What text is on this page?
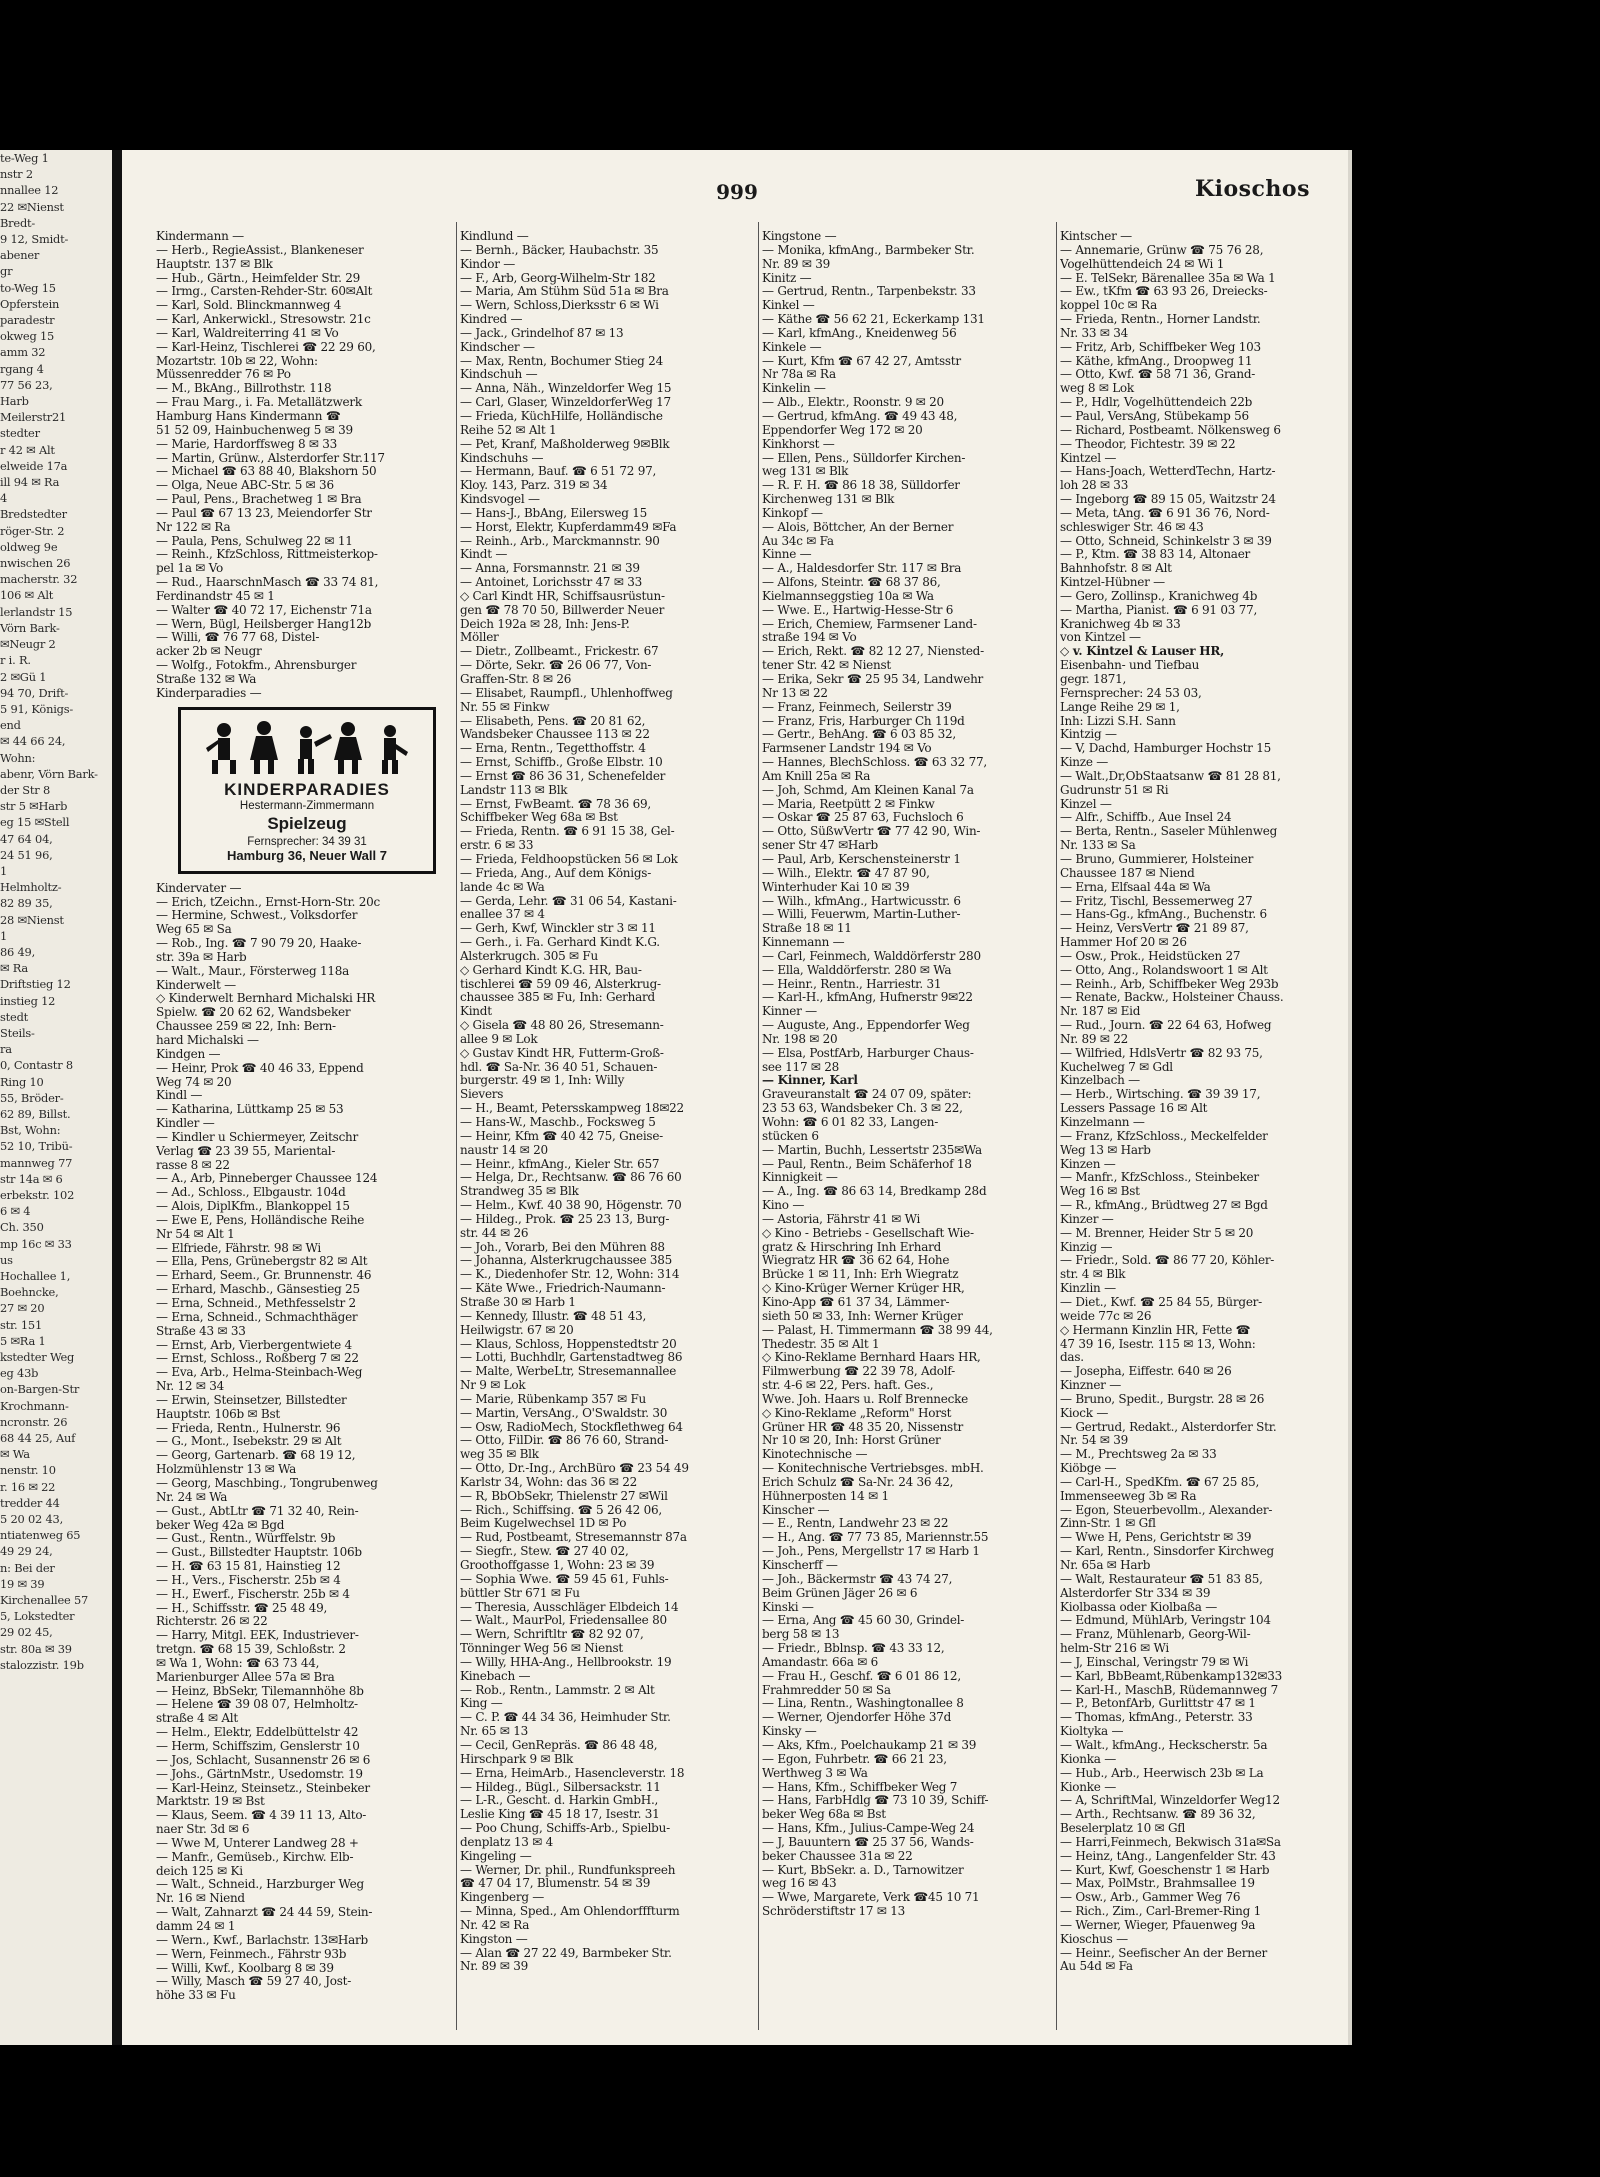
te-Weg 1
nstr 2
nnallee 12
22 ✉Nienst
Bredt-
9 12, Smidt-
abener
gr
to-Weg 15
Opferstein
paradestr
okweg 15
amm 32
rgang 4
77 56 23,
Harb
Meilerstr21
stedter
r 42 ✉ Alt
elweide 17a
ill 94 ✉ Ra
4
Bredstedter
röger-Str. 2
oldweg 9e
nwischen 26
macherstr. 32
106 ✉ Alt
lerlandstr 15
Vörn Bark-
✉Neugr 2
r i. R.
2 ✉Gü 1
94 70, Drift-
5 91, Königs-
end
✉ 44 66 24,
Wohn:
abenr, Vörn Bark-
der Str 8
str 5 ✉Harb
eg 15 ✉Stell
47 64 04,
24 51 96,
1
Helmholtz-
82 89 35,
28 ✉Nienst
1
86 49,
✉ Ra
Driftstieg 12
instieg 12
stedt
Steils-
ra
0, Contastr 8
Ring 10
55, Bröder-
62 89, Billst.
Bst, Wohn:
52 10, Tribü-
mannweg 77
str 14a ✉ 6
erbekstr. 102
6 ✉ 4
Ch. 350
mp 16c ✉ 33
us
Hochallee 1,
Boehncke,
27 ✉ 20
str. 151
5 ✉Ra 1
kstedter Weg
eg 43b
on-Bargen-Str
Krochmann-
ncronstr. 26
68 44 25, Auf
✉ Wa
nenstr. 10
r. 16 ✉ 22
tredder 44
5 20 02 43,
ntiatenweg 65
49 29 24,
n: Bei der
19 ✉ 39
Kirchenallee 57
5, Lokstedter
29 02 45,
str. 80a ✉ 39
stalozzistr. 19b
999	Kioschos
Kindermann —
— Herb., RegieAssist., Blankeneser
Hauptstr. 137 ✉ Blk
— Hub., Gärtn., Heimfelder Str. 29
— Irmg., Carsten-Rehder-Str. 60✉Alt
— Karl, Sold. Blinckmannweg 4
— Karl, Ankerwickl., Stresowstr. 21c
— Karl, Waldreiterring 41 ✉ Vo
— Karl-Heinz, Tischlerei ☎ 22 29 60,
Mozartstr. 10b ✉ 22, Wohn:
Müssenredder 76 ✉ Po
— M., BkAng., Billrothstr. 118
— Frau Marg., i. Fa. Metallätzwerk
Hamburg Hans Kindermann ☎
51 52 09, Hainbuchenweg 5 ✉ 39
— Marie, Hardorffsweg 8 ✉ 33
— Martin, Grünw., Alsterdorfer Str.117
— Michael ☎ 63 88 40, Blakshorn 50
— Olga, Neue ABC-Str. 5 ✉ 36
— Paul, Pens., Brachetweg 1 ✉ Bra
— Paul ☎ 67 13 23, Meiendorfer Str
Nr 122 ✉ Ra
— Paula, Pens, Schulweg 22 ✉ 11
— Reinh., KfzSchloss, Rittmeisterkop-
pel 1a ✉ Vo
— Rud., HaarschnMasch ☎ 33 74 81,
Ferdinandstr 45 ✉ 1
— Walter ☎ 40 72 17, Eichenstr 71a
— Wern, Bügl, Heilsberger Hang12b
— Willi, ☎ 76 77 68, Distel-
acker 2b ✉ Neugr
— Wolfg., Fotokfm., Ahrensburger
Straße 132 ✉ Wa
Kinderparadies —
KINDERPARADIES
Hestermann-Zimmermann
Spielzeug
Fernsprecher: 34 39 31
Hamburg 36, Neuer Wall 7
Kindervater —
— Erich, tZeichn., Ernst-Horn-Str. 20c
— Hermine, Schwest., Volksdorfer
Weg 65 ✉ Sa
— Rob., Ing. ☎ 7 90 79 20, Haake-
str. 39a ✉ Harb
— Walt., Maur., Försterweg 118a
Kinderwelt —
◇ Kinderwelt Bernhard Michalski HR
Spielw. ☎ 20 62 62, Wandsbeker
Chaussee 259 ✉ 22, Inh: Bern-
hard Michalski —
Kindgen —
— Heinr, Prok ☎ 40 46 33, Eppend
Weg 74 ✉ 20
Kindl —
— Katharina, Lüttkamp 25 ✉ 53
Kindler —
— Kindler u Schiermeyer, Zeitschr
Verlag ☎ 23 39 55, Mariental-
rasse 8 ✉ 22
— A., Arb, Pinneberger Chaussee 124
— Ad., Schloss., Elbgaustr. 104d
— Alois, DiplKfm., Blankoppel 15
— Ewe E, Pens, Holländische Reihe
Nr 54 ✉ Alt 1
— Elfriede, Fährstr. 98 ✉ Wi
— Ella, Pens, Grünebergstr 82 ✉ Alt
— Erhard, Seem., Gr. Brunnenstr. 46
— Erhard, Maschb., Gänsestieg 25
— Erna, Schneid., Methfesselstr 2
— Erna, Schneid., Schmachthäger
Straße 43 ✉ 33
— Ernst, Arb, Vierbergentwiete 4
— Ernst, Schloss., Roßberg 7 ✉ 22
— Eva, Arb., Helma-Steinbach-Weg
Nr. 12 ✉ 34
— Erwin, Steinsetzer, Billstedter
Hauptstr. 106b ✉ Bst
— Frieda, Rentn., Hulnerstr. 96
— G., Mont., Isebekstr. 29 ✉ Alt
— Georg, Gartenarb. ☎ 68 19 12,
Holzmühlenstr 13 ✉ Wa
— Georg, Maschbing., Tongrubenweg
Nr. 24 ✉ Wa
— Gust., AbtLtr ☎ 71 32 40, Rein-
beker Weg 42a ✉ Bgd
— Gust., Rentn., Würffelstr. 9b
— Gust., Billstedter Hauptstr. 106b
— H. ☎ 63 15 81, Hainstieg 12
— H., Vers., Fischerstr. 25b ✉ 4
— H., Ewerf., Fischerstr. 25b ✉ 4
— H., Schiffsstr. ☎ 25 48 49,
Richterstr. 26 ✉ 22
— Harry, Mitgl. EEK, Industriever-
tretgn. ☎ 68 15 39, Schloßstr. 2
✉ Wa 1, Wohn: ☎ 63 73 44,
Marienburger Allee 57a ✉ Bra
— Heinz, BbSekr, Tilemannhöhe 8b
— Helene ☎ 39 08 07, Helmholtz-
straße 4 ✉ Alt
— Helm., Elektr, Eddelbüttelstr 42
— Herm, Schiffszim, Genslerstr 10
— Jos, Schlacht, Susannenstr 26 ✉ 6
— Johs., GärtnMstr., Usedomstr. 19
— Karl-Heinz, Steinsetz., Steinbeker
Marktstr. 19 ✉ Bst
— Klaus, Seem. ☎ 4 39 11 13, Alto-
naer Str. 3d ✉ 6
— Wwe M, Unterer Landweg 28 +
— Manfr., Gemüseb., Kirchw. Elb-
deich 125 ✉ Ki
— Walt., Schneid., Harzburger Weg
Nr. 16 ✉ Niend
— Walt, Zahnarzt ☎ 24 44 59, Stein-
damm 24 ✉ 1
— Wern., Kwf., Barlachstr. 13✉Harb
— Wern, Feinmech., Fährstr 93b
— Willi, Kwf., Koolbarg 8 ✉ 39
— Willy, Masch ☎ 59 27 40, Jost-
höhe 33 ✉ Fu
Kindlund —
— Bernh., Bäcker, Haubachstr. 35
Kindor —
— F., Arb, Georg-Wilhelm-Str 182
— Maria, Am Stühm Süd 51a ✉ Bra
— Wern, Schloss,Dierksstr 6 ✉ Wi
Kindred —
— Jack., Grindelhof 87 ✉ 13
Kindscher —
— Max, Rentn, Bochumer Stieg 24
Kindschuh —
— Anna, Näh., Winzeldorfer Weg 15
— Carl, Glaser, WinzeldorferWeg 17
— Frieda, KüchHilfe, Holländische
Reihe 52 ✉ Alt 1
— Pet, Kranf, Maßholderweg 9✉Blk
Kindschuhs —
— Hermann, Bauf. ☎ 6 51 72 97,
Kloy. 143, Parz. 319 ✉ 34
Kindsvogel —
— Hans-J., BbAng, Eilersweg 15
— Horst, Elektr, Kupferdamm49 ✉Fa
— Reinh., Arb., Marckmannstr. 90
Kindt —
— Anna, Forsmannstr. 21 ✉ 39
— Antoinet, Lorichsstr 47 ✉ 33
◇ Carl Kindt HR, Schiffsausrüstun-
gen ☎ 78 70 50, Billwerder Neuer
Deich 192a ✉ 28, Inh: Jens-P.
Möller
— Dietr., Zollbeamt., Frickestr. 67
— Dörte, Sekr. ☎ 26 06 77, Von-
Graffen-Str. 8 ✉ 26
— Elisabet, Raumpfl., Uhlenhoffweg
Nr. 55 ✉ Finkw
— Elisabeth, Pens. ☎ 20 81 62,
Wandsbeker Chaussee 113 ✉ 22
— Erna, Rentn., Tegetthoffstr. 4
— Ernst, Schiffb., Große Elbstr. 10
— Ernst ☎ 86 36 31, Schenefelder
Landstr 113 ✉ Blk
— Ernst, FwBeamt. ☎ 78 36 69,
Schiffbeker Weg 68a ✉ Bst
— Frieda, Rentn. ☎ 6 91 15 38, Gel-
erstr. 6 ✉ 33
— Frieda, Feldhoopstücken 56 ✉ Lok
— Frieda, Ang., Auf dem Königs-
lande 4c ✉ Wa
— Gerda, Lehr. ☎ 31 06 54, Kastani-
enallee 37 ✉ 4
— Gerh, Kwf, Winckler str 3 ✉ 11
— Gerh., i. Fa. Gerhard Kindt K.G.
Alsterkrugch. 305 ✉ Fu
◇ Gerhard Kindt K.G. HR, Bau-
tischlerei ☎ 59 09 46, Alsterkrug-
chaussee 385 ✉ Fu, Inh: Gerhard
Kindt
◇ Gisela ☎ 48 80 26, Stresemann-
allee 9 ✉ Lok
◇ Gustav Kindt HR, Futterm-Groß-
hdl. ☎ Sa-Nr. 36 40 51, Schauen-
burgerstr. 49 ✉ 1, Inh: Willy
Sievers
— H., Beamt, Petersskampweg 18✉22
— Hans-W., Maschb., Focksweg 5
— Heinr, Kfm ☎ 40 42 75, Gneise-
naustr 14 ✉ 20
— Heinr., kfmAng., Kieler Str. 657
— Helga, Dr., Rechtsanw. ☎ 86 76 60
Strandweg 35 ✉ Blk
— Helm., Kwf. 40 38 90, Högenstr. 70
— Hildeg., Prok. ☎ 25 23 13, Burg-
str. 44 ✉ 26
— Joh., Vorarb, Bei den Mühren 88
— Johanna, Alsterkrugchaussee 385
— K., Diedenhofer Str. 12, Wohn: 314
— Käte Wwe., Friedrich-Naumann-
Straße 30 ✉ Harb 1
— Kennedy, Illustr. ☎ 48 51 43,
Heilwigstr. 67 ✉ 20
— Klaus, Schloss, Hoppenstedtstr 20
— Lotti, Buchhdlr, Gartenstadtweg 86
— Malte, WerbeLtr, Stresemannallee
Nr 9 ✉ Lok
— Marie, Rübenkamp 357 ✉ Fu
— Martin, VersAng., O'Swaldstr. 30
— Osw, RadioMech, Stockflethweg 64
— Otto, FilDir. ☎ 86 76 60, Strand-
weg 35 ✉ Blk
— Otto, Dr.-Ing., ArchBüro ☎ 23 54 49
Karlstr 34, Wohn: das 36 ✉ 22
— R, BbObSekr, Thielenstr 27 ✉Wil
— Rich., Schiffsing. ☎ 5 26 42 06,
Beim Kugelwechsel 1D ✉ Po
— Rud, Postbeamt, Stresemannstr 87a
— Siegfr., Stew. ☎ 27 40 02,
Groothoffgasse 1, Wohn: 23 ✉ 39
— Sophia Wwe. ☎ 59 45 61, Fuhls-
büttler Str 671 ✉ Fu
— Theresia, Ausschläger Elbdeich 14
— Walt., MaurPol, Friedensallee 80
— Wern, Schriftltr ☎ 82 92 07,
Tönninger Weg 56 ✉ Nienst
— Willy, HHA-Ang., Hellbrookstr. 19
Kinebach —
— Rob., Rentn., Lammstr. 2 ✉ Alt
King —
— C. P. ☎ 44 34 36, Heimhuder Str.
Nr. 65 ✉ 13
— Cecil, GenRepräs. ☎ 86 48 48,
Hirschpark 9 ✉ Blk
— Erna, HeimArb., Hasencleverstr. 18
— Hildeg., Bügl., Silbersackstr. 11
— L-R., Gescht. d. Harkin GmbH.,
Leslie King ☎ 45 18 17, Isestr. 31
— Poo Chung, Schiffs-Arb., Spielbu-
denplatz 13 ✉ 4
Kingeling —
— Werner, Dr. phil., Rundfunkspreeh
☎ 47 04 17, Blumenstr. 54 ✉ 39
Kingenberg —
— Minna, Sped., Am Ohlendorfffturm
Nr. 42 ✉ Ra
Kingston —
— Alan ☎ 27 22 49, Barmbeker Str.
Nr. 89 ✉ 39
Kingstone —
— Monika, kfmAng., Barmbeker Str.
Nr. 89 ✉ 39
Kinitz —
— Gertrud, Rentn., Tarpenbekstr. 33
Kinkel —
— Käthe ☎ 56 62 21, Eckerkamp 131
— Karl, kfmAng., Kneidenweg 56
Kinkele —
— Kurt, Kfm ☎ 67 42 27, Amtsstr
Nr 78a ✉ Ra
Kinkelin —
— Alb., Elektr., Roonstr. 9 ✉ 20
— Gertrud, kfmAng. ☎ 49 43 48,
Eppendorfer Weg 172 ✉ 20
Kinkhorst —
— Ellen, Pens., Sülldorfer Kirchen-
weg 131 ✉ Blk
— R. F. H. ☎ 86 18 38, Sülldorfer
Kirchenweg 131 ✉ Blk
Kinkopf —
— Alois, Böttcher, An der Berner
Au 34c ✉ Fa
Kinne —
— A., Haldesdorfer Str. 117 ✉ Bra
— Alfons, Steintr. ☎ 68 37 86,
Kielmannseggstieg 10a ✉ Wa
— Wwe. E., Hartwig-Hesse-Str 6
— Erich, Chemiew, Farmsener Land-
straße 194 ✉ Vo
— Erich, Rekt. ☎ 82 12 27, Niensted-
tener Str. 42 ✉ Nienst
— Erika, Sekr ☎ 25 95 34, Landwehr
Nr 13 ✉ 22
— Franz, Feinmech, Seilerstr 39
— Franz, Fris, Harburger Ch 119d
— Gertr., BehAng. ☎ 6 03 85 32,
Farmsener Landstr 194 ✉ Vo
— Hannes, BlechSchloss. ☎ 63 32 77,
Am Knill 25a ✉ Ra
— Joh, Schmd, Am Kleinen Kanal 7a
— Maria, Reetpütt 2 ✉ Finkw
— Oskar ☎ 25 87 63, Fuchsloch 6
— Otto, SüßwVertr ☎ 77 42 90, Win-
sener Str 47 ✉Harb
— Paul, Arb, Kerschensteinerstr 1
— Wilh., Elektr. ☎ 47 87 90,
Winterhuder Kai 10 ✉ 39
— Wilh., kfmAng., Hartwicusstr. 6
— Willi, Feuerwm, Martin-Luther-
Straße 18 ✉ 11
Kinnemann —
— Carl, Feinmech, Walddörferstr 280
— Ella, Walddörferstr. 280 ✉ Wa
— Heinr., Rentn., Harriestr. 31
— Karl-H., kfmAng, Hufnerstr 9✉22
Kinner —
— Auguste, Ang., Eppendorfer Weg
Nr. 198 ✉ 20
— Elsa, PostfArb, Harburger Chaus-
see 117 ✉ 28
— Kinner, Karl
Graveuranstalt ☎ 24 07 09, später:
23 53 63, Wandsbeker Ch. 3 ✉ 22,
Wohn: ☎ 6 01 82 33, Langen-
stücken 6
— Martin, Buchh, Lessertstr 235✉Wa
— Paul, Rentn., Beim Schäferhof 18
Kinnigkeit —
— A., Ing. ☎ 86 63 14, Bredkamp 28d
Kino —
— Astoria, Fährstr 41 ✉ Wi
◇ Kino - Betriebs - Gesellschaft Wie-
gratz & Hirschring Inh Erhard
Wiegratz HR ☎ 36 62 64, Hohe
Brücke 1 ✉ 11, Inh: Erh Wiegratz
◇ Kino-Krüger Werner Krüger HR,
Kino-App ☎ 61 37 34, Lämmer-
sieth 50 ✉ 33, Inh: Werner Krüger
— Palast, H. Timmermann ☎ 38 99 44,
Thedestr. 35 ✉ Alt 1
◇ Kino-Reklame Bernhard Haars HR,
Filmwerbung ☎ 22 39 78, Adolf-
str. 4-6 ✉ 22, Pers. haft. Ges.,
Wwe. Joh. Haars u. Rolf Brennecke
◇ Kino-Reklame „Reform" Horst
Grüner HR ☎ 48 35 20, Nissenstr
Nr 10 ✉ 20, Inh: Horst Grüner
Kinotechnische —
— Konitechnische Vertriebsges. mbH.
Erich Schulz ☎ Sa-Nr. 24 36 42,
Hühnerposten 14 ✉ 1
Kinscher —
— E., Rentn, Landwehr 23 ✉ 22
— H., Ang. ☎ 77 73 85, Mariennstr.55
— Joh., Pens, Mergellstr 17 ✉ Harb 1
Kinscherff —
— Joh., Bäckermstr ☎ 43 74 27,
Beim Grünen Jäger 26 ✉ 6
Kinski —
— Erna, Ang ☎ 45 60 30, Grindel-
berg 58 ✉ 13
— Friedr., Bblnsp. ☎ 43 33 12,
Amandastr. 66a ✉ 6
— Frau H., Geschf. ☎ 6 01 86 12,
Frahmredder 50 ✉ Sa
— Lina, Rentn., Washingtonallee 8
— Werner, Ojendorfer Höhe 37d
Kinsky —
— Aks, Kfm., Poelchaukamp 21 ✉ 39
— Egon, Fuhrbetr. ☎ 66 21 23,
Werthweg 3 ✉ Wa
— Hans, Kfm., Schiffbeker Weg 7
— Hans, FarbHdlg ☎ 73 10 39, Schiff-
beker Weg 68a ✉ Bst
— Hans, Kfm., Julius-Campe-Weg 24
— J, Bauuntern ☎ 25 37 56, Wands-
beker Chaussee 31a ✉ 22
— Kurt, BbSekr. a. D., Tarnowitzer
weg 16 ✉ 43
— Wwe, Margarete, Verk ☎45 10 71
Schröderstiftstr 17 ✉ 13
Kintscher —
— Annemarie, Grünw ☎ 75 76 28,
Vogelhüttendeich 24 ✉ Wi 1
— E. TelSekr, Bärenallee 35a ✉ Wa 1
— Ew., tKfm ☎ 63 93 26, Dreiecks-
koppel 10c ✉ Ra
— Frieda, Rentn., Horner Landstr.
Nr. 33 ✉ 34
— Fritz, Arb, Schiffbeker Weg 103
— Käthe, kfmAng., Droopweg 11
— Otto, Kwf. ☎ 58 71 36, Grand-
weg 8 ✉ Lok
— P., Hdlr, Vogelhüttendeich 22b
— Paul, VersAng, Stübekamp 56
— Richard, Postbeamt. Nölkensweg 6
— Theodor, Fichtestr. 39 ✉ 22
Kintzel —
— Hans-Joach, WetterdTechn, Hartz-
loh 28 ✉ 33
— Ingeborg ☎ 89 15 05, Waitzstr 24
— Meta, tAng. ☎ 6 91 36 76, Nord-
schleswiger Str. 46 ✉ 43
— Otto, Schneid, Schinkelstr 3 ✉ 39
— P., Ktm. ☎ 38 83 14, Altonaer
Bahnhofstr. 8 ✉ Alt
Kintzel-Hübner —
— Gero, Zollinsp., Kranichweg 4b
— Martha, Pianist. ☎ 6 91 03 77,
Kranichweg 4b ✉ 33
von Kintzel —
◇ v. Kintzel & Lauser HR,
Eisenbahn- und Tiefbau
gegr. 1871,
Fernsprecher: 24 53 03,
Lange Reihe 29 ✉ 1,
Inh: Lizzi S.H. Sann
Kintzig —
— V, Dachd, Hamburger Hochstr 15
Kinze —
— Walt.,Dr,ObStaatsanw ☎ 81 28 81,
Gudrunstr 51 ✉ Ri
Kinzel —
— Alfr., Schiffb., Aue Insel 24
— Berta, Rentn., Saseler Mühlenweg
Nr. 133 ✉ Sa
— Bruno, Gummierer, Holsteiner
Chaussee 187 ✉ Niend
— Erna, Elfsaal 44a ✉ Wa
— Fritz, Tischl, Bessemerweg 27
— Hans-Gg., kfmAng., Buchenstr. 6
— Heinz, VersVertr ☎ 21 89 87,
Hammer Hof 20 ✉ 26
— Osw., Prok., Heidstücken 27
— Otto, Ang., Rolandswoort 1 ✉ Alt
— Reinh., Arb, Schiffbeker Weg 293b
— Renate, Backw., Holsteiner Chauss.
Nr. 187 ✉ Eid
— Rud., Journ. ☎ 22 64 63, Hofweg
Nr. 89 ✉ 22
— Wilfried, HdlsVertr ☎ 82 93 75,
Kuchelweg 7 ✉ Gdl
Kinzelbach —
— Herb., Wirtsching. ☎ 39 39 17,
Lessers Passage 16 ✉ Alt
Kinzelmann —
— Franz, KfzSchloss., Meckelfelder
Weg 13 ✉ Harb
Kinzen —
— Manfr., KfzSchloss., Steinbeker
Weg 16 ✉ Bst
— R., kfmAng., Brüdtweg 27 ✉ Bgd
Kinzer —
— M. Brenner, Heider Str 5 ✉ 20
Kinzig —
— Friedr., Sold. ☎ 86 77 20, Köhler-
str. 4 ✉ Blk
Kinzlin —
— Diet., Kwf. ☎ 25 84 55, Bürger-
weide 77c ✉ 26
◇ Hermann Kinzlin HR, Fette ☎
47 39 16, Isestr. 115 ✉ 13, Wohn:
das.
— Josepha, Eiffestr. 640 ✉ 26
Kinzner —
— Bruno, Spedit., Burgstr. 28 ✉ 26
Kiock —
— Gertrud, Redakt., Alsterdorfer Str.
Nr. 54 ✉ 39
— M., Prechtsweg 2a ✉ 33
Kiöbge —
— Carl-H., SpedKfm. ☎ 67 25 85,
Immenseeweg 3b ✉ Ra
— Egon, Steuerbevollm., Alexander-
Zinn-Str. 1 ✉ Gfl
— Wwe H, Pens, Gerichtstr ✉ 39
— Karl, Rentn., Sinsdorfer Kirchweg
Nr. 65a ✉ Harb
— Walt, Restaurateur ☎ 51 83 85,
Alsterdorfer Str 334 ✉ 39
Kiolbassa oder Kiolbaßa —
— Edmund, MühlArb, Veringstr 104
— Franz, Mühlenarb, Georg-Wil-
helm-Str 216 ✉ Wi
— J, Einschal, Veringstr 79 ✉ Wi
— Karl, BbBeamt,Rübenkamp132✉33
— Karl-H., MaschB, Rüdemannweg 7
— P., BetonfArb, Gurlittstr 47 ✉ 1
— Thomas, kfmAng., Peterstr. 33
Kioltyka —
— Walt., kfmAng., Heckscherstr. 5a
Kionka —
— Hub., Arb., Heerwisch 23b ✉ La
Kionke —
— A, SchriftMal, Winzeldorfer Weg12
— Arth., Rechtsanw. ☎ 89 36 32,
Beselerplatz 10 ✉ Gfl
— Harri,Feinmech, Bekwisch 31a✉Sa
— Heinz, tAng., Langenfelder Str. 43
— Kurt, Kwf, Goeschenstr 1 ✉ Harb
— Max, PolMstr., Brahmsallee 19
— Osw., Arb., Gammer Weg 76
— Rich., Zim., Carl-Bremer-Ring 1
— Werner, Wieger, Pfauenweg 9a
Kioschus —
— Heinr., Seefischer An der Berner
Au 54d ✉ Fa
